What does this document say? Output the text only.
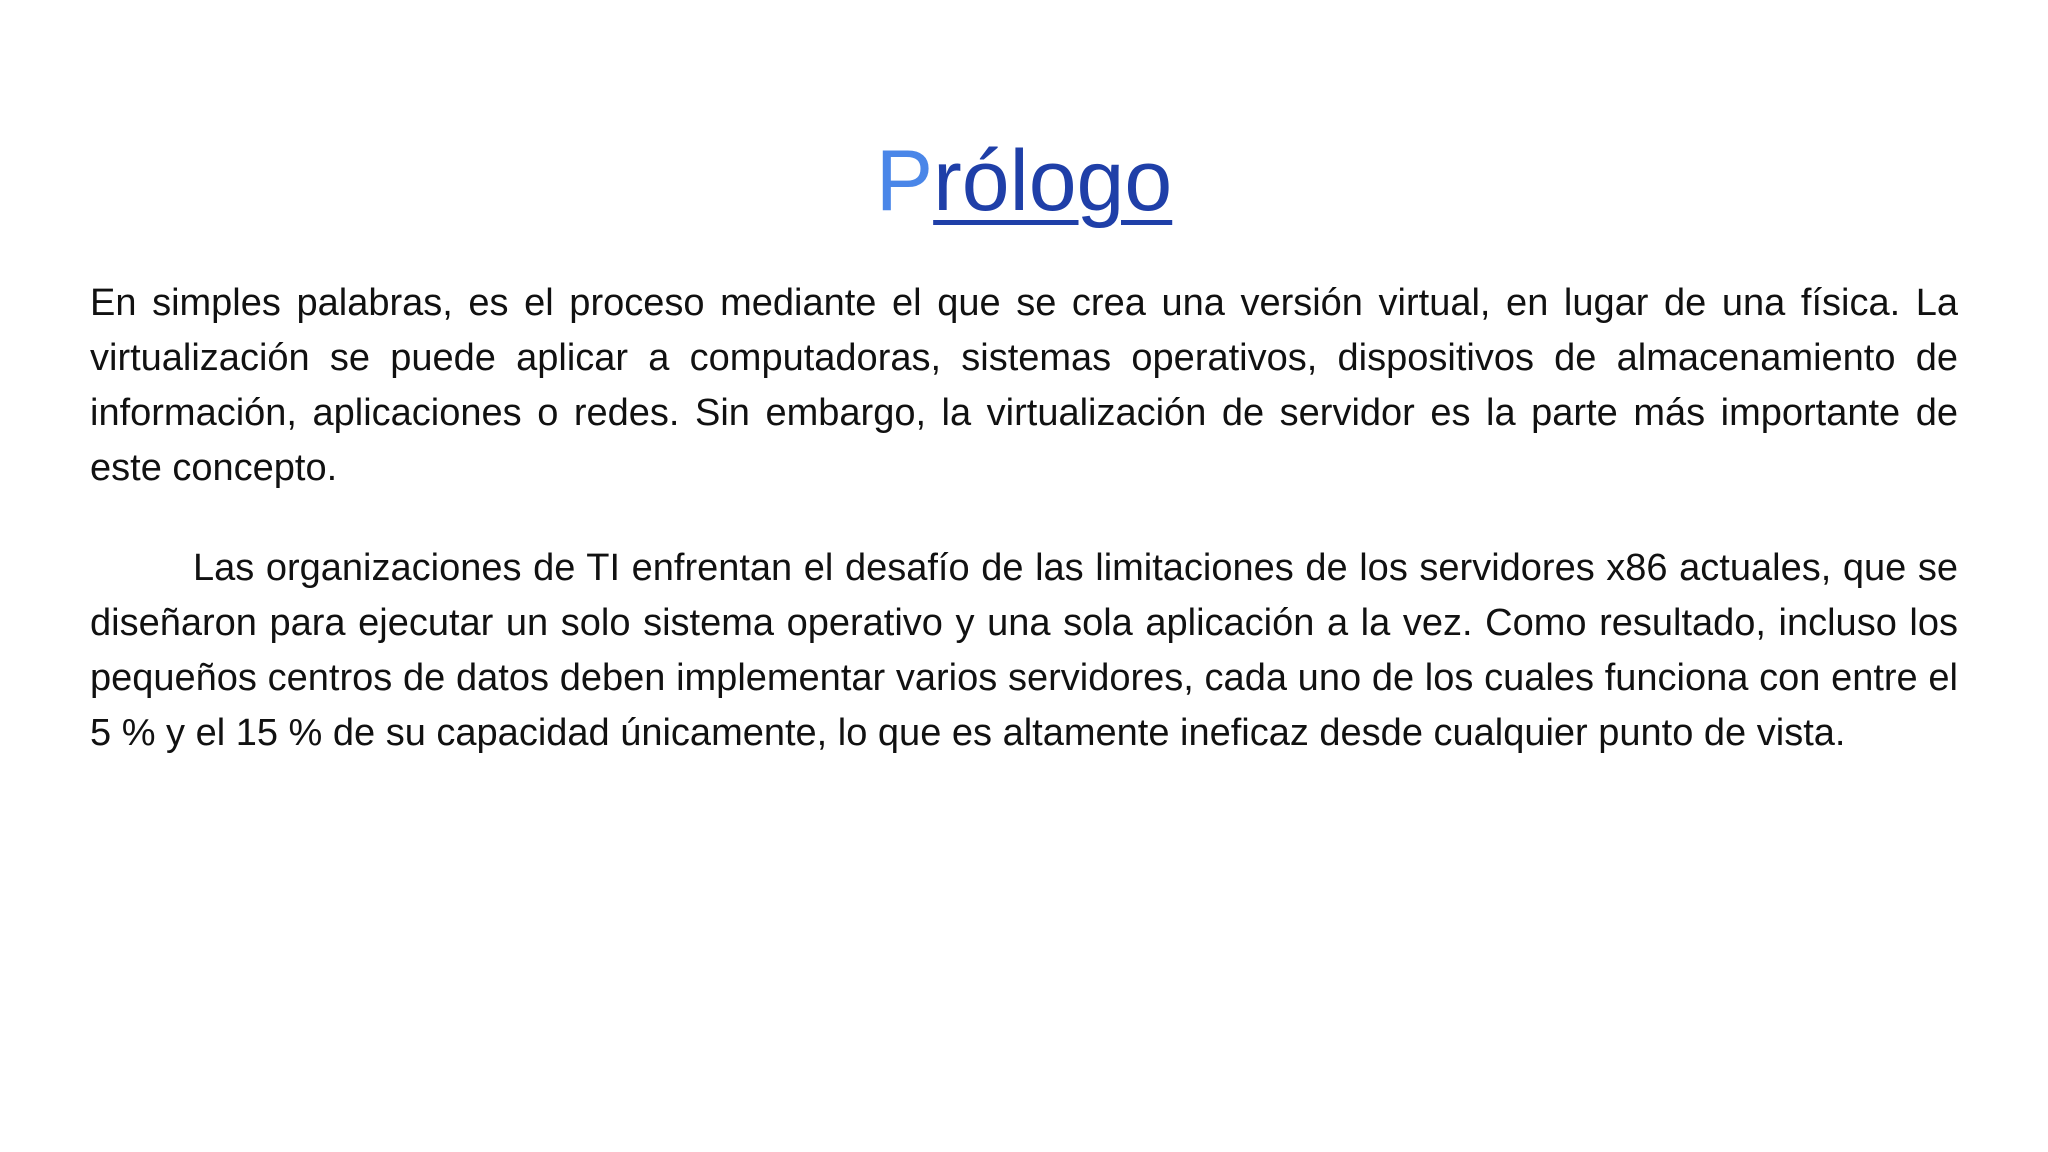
Prólogo

En simples palabras, es el proceso mediante el que se crea una versión virtual, en lugar de una física. La virtualización se puede aplicar a computadoras, sistemas operativos, dispositivos de almacenamiento de información, aplicaciones o redes. Sin embargo, la virtualización de servidor es la parte más importante de este concepto.

Las organizaciones de TI enfrentan el desafío de las limitaciones de los servidores x86 actuales, que se diseñaron para ejecutar un solo sistema operativo y una sola aplicación a la vez. Como resultado, incluso los pequeños centros de datos deben implementar varios servidores, cada uno de los cuales funciona con entre el 5 % y el 15 % de su capacidad únicamente, lo que es altamente ineficaz desde cualquier punto de vista.
